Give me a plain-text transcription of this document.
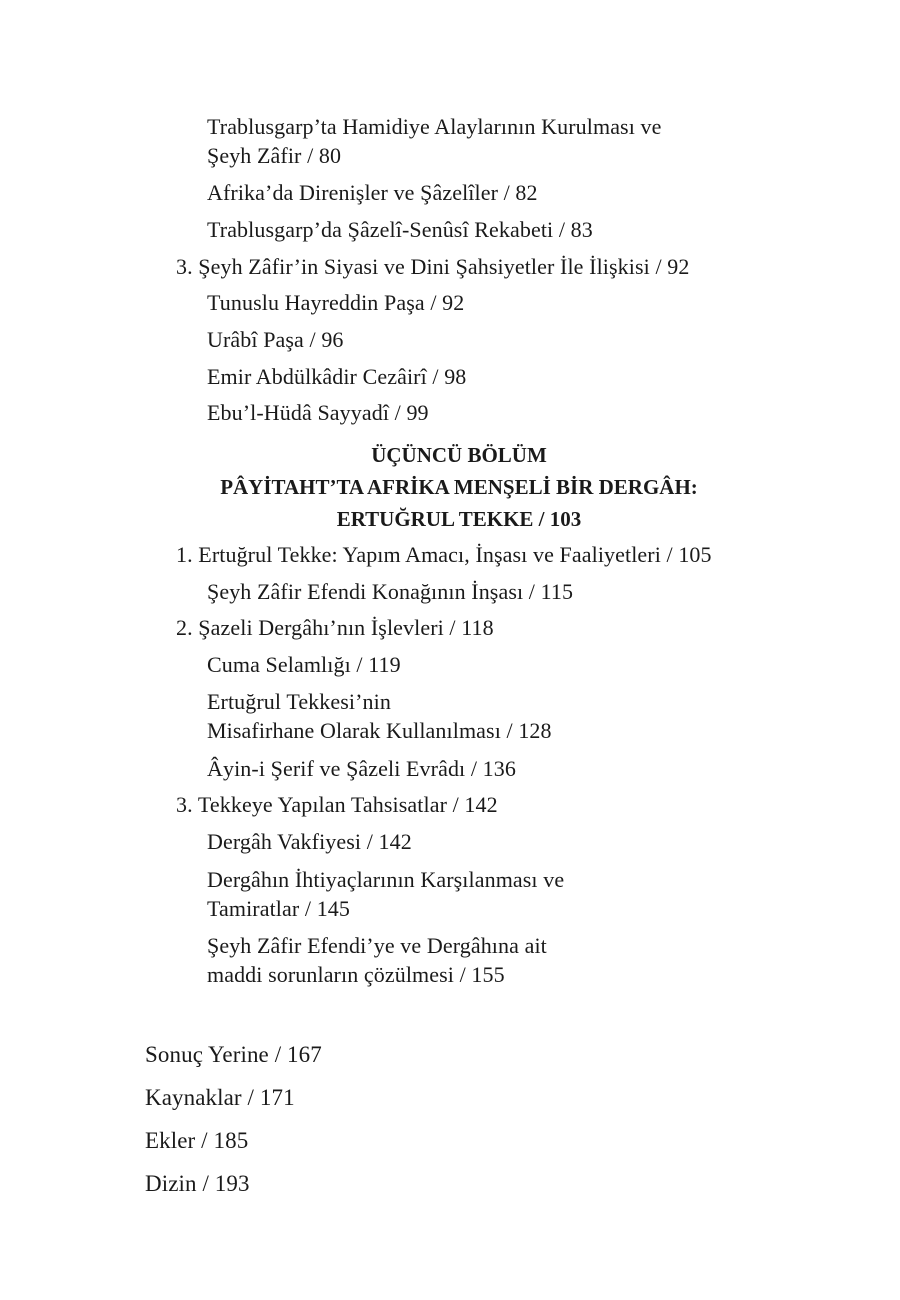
Trablusgarp’ta Hamidiye Alaylarının Kurulması ve
Şeyh Zâfir / 80
Afrika’da Direnişler ve Şâzelîler / 82
Trablusgarp’da Şâzelî-Senûsî Rekabeti / 83
3. Şeyh Zâfir’in Siyasi ve Dini Şahsiyetler İle İlişkisi / 92
Tunuslu Hayreddin Paşa / 92
Urâbî Paşa / 96
Emir Abdülkâdir Cezâirî / 98
Ebu’l-Hüdâ Sayyadî / 99
ÜÇÜNCÜ BÖLÜM
PÂYİTAHT’TA AFRİKA MENŞELİ BİR DERGÂH:
ERTUĞRUL TEKKE / 103
1. Ertuğrul Tekke: Yapım Amacı, İnşası ve Faaliyetleri / 105
Şeyh Zâfir Efendi Konağının İnşası / 115
2. Şazeli Dergâhı’nın İşlevleri / 118
Cuma Selamlığı / 119
Ertuğrul Tekkesi’nin
Misafirhane Olarak Kullanılması / 128
Âyin-i Şerif ve Şâzeli Evrâdı / 136
3. Tekkeye Yapılan Tahsisatlar / 142
Dergâh Vakfiyesi / 142
Dergâhın İhtiyaçlarının Karşılanması ve
Tamiratlar / 145
Şeyh Zâfir Efendi’ye ve Dergâhına ait
maddi sorunların çözülmesi / 155
Sonuç Yerine / 167
Kaynaklar / 171
Ekler / 185
Dizin / 193
